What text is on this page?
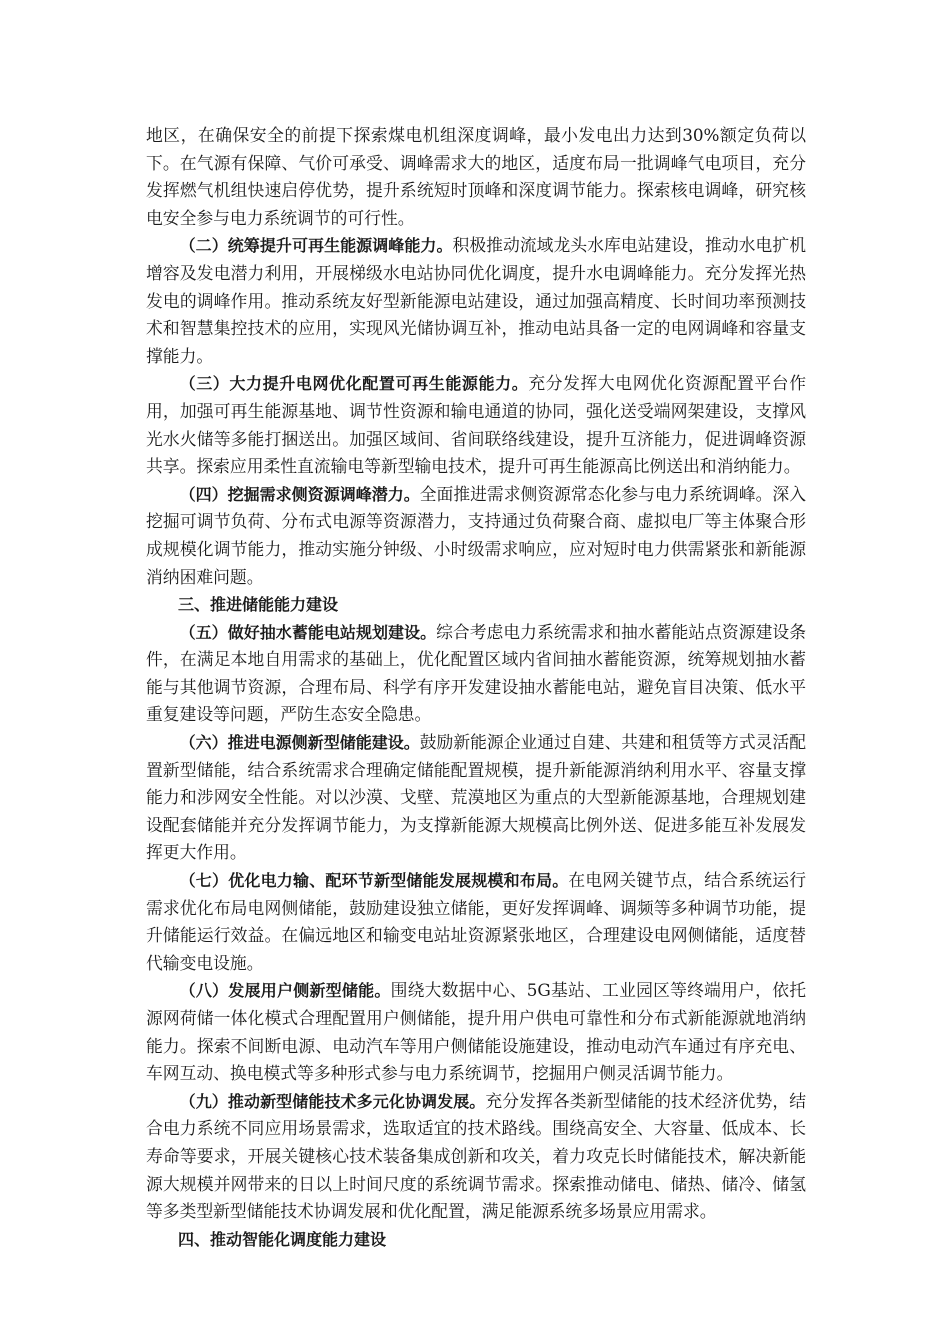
地区，在确保安全的前提下探索煤电机组深度调峰，最小发电出力达到30%额定负荷以下。在气源有保障、气价可承受、调峰需求大的地区，适度布局一批调峰气电项目，充分发挥燃气机组快速启停优势，提升系统短时顶峰和深度调节能力。探索核电调峰，研究核电安全参与电力系统调节的可行性。

（二）统筹提升可再生能源调峰能力。积极推动流域龙头水库电站建设，推动水电扩机增容及发电潜力利用，开展梯级水电站协同优化调度，提升水电调峰能力。充分发挥光热发电的调峰作用。推动系统友好型新能源电站建设，通过加强高精度、长时间功率预测技术和智慧集控技术的应用，实现风光储协调互补，推动电站具备一定的电网调峰和容量支撑能力。

（三）大力提升电网优化配置可再生能源能力。充分发挥大电网优化资源配置平台作用，加强可再生能源基地、调节性资源和输电通道的协同，强化送受端网架建设，支撑风光水火储等多能打捆送出。加强区域间、省间联络线建设，提升互济能力，促进调峰资源共享。探索应用柔性直流输电等新型输电技术，提升可再生能源高比例送出和消纳能力。

（四）挖掘需求侧资源调峰潜力。全面推进需求侧资源常态化参与电力系统调峰。深入挖掘可调节负荷、分布式电源等资源潜力，支持通过负荷聚合商、虚拟电厂等主体聚合形成规模化调节能力，推动实施分钟级、小时级需求响应，应对短时电力供需紧张和新能源消纳困难问题。

三、推进储能能力建设

（五）做好抽水蓄能电站规划建设。综合考虑电力系统需求和抽水蓄能站点资源建设条件，在满足本地自用需求的基础上，优化配置区域内省间抽水蓄能资源，统筹规划抽水蓄能与其他调节资源，合理布局、科学有序开发建设抽水蓄能电站，避免盲目决策、低水平重复建设等问题，严防生态安全隐患。

（六）推进电源侧新型储能建设。鼓励新能源企业通过自建、共建和租赁等方式灵活配置新型储能，结合系统需求合理确定储能配置规模，提升新能源消纳利用水平、容量支撑能力和涉网安全性能。对以沙漠、戈壁、荒漠地区为重点的大型新能源基地，合理规划建设配套储能并充分发挥调节能力，为支撑新能源大规模高比例外送、促进多能互补发展发挥更大作用。

（七）优化电力输、配环节新型储能发展规模和布局。在电网关键节点，结合系统运行需求优化布局电网侧储能，鼓励建设独立储能，更好发挥调峰、调频等多种调节功能，提升储能运行效益。在偏远地区和输变电站址资源紧张地区，合理建设电网侧储能，适度替代输变电设施。

（八）发展用户侧新型储能。围绕大数据中心、5G基站、工业园区等终端用户，依托源网荷储一体化模式合理配置用户侧储能，提升用户供电可靠性和分布式新能源就地消纳能力。探索不间断电源、电动汽车等用户侧储能设施建设，推动电动汽车通过有序充电、车网互动、换电模式等多种形式参与电力系统调节，挖掘用户侧灵活调节能力。

（九）推动新型储能技术多元化协调发展。充分发挥各类新型储能的技术经济优势，结合电力系统不同应用场景需求，选取适宜的技术路线。围绕高安全、大容量、低成本、长寿命等要求，开展关键核心技术装备集成创新和攻关，着力攻克长时储能技术，解决新能源大规模并网带来的日以上时间尺度的系统调节需求。探索推动储电、储热、储冷、储氢等多类型新型储能技术协调发展和优化配置，满足能源系统多场景应用需求。

四、推动智能化调度能力建设
